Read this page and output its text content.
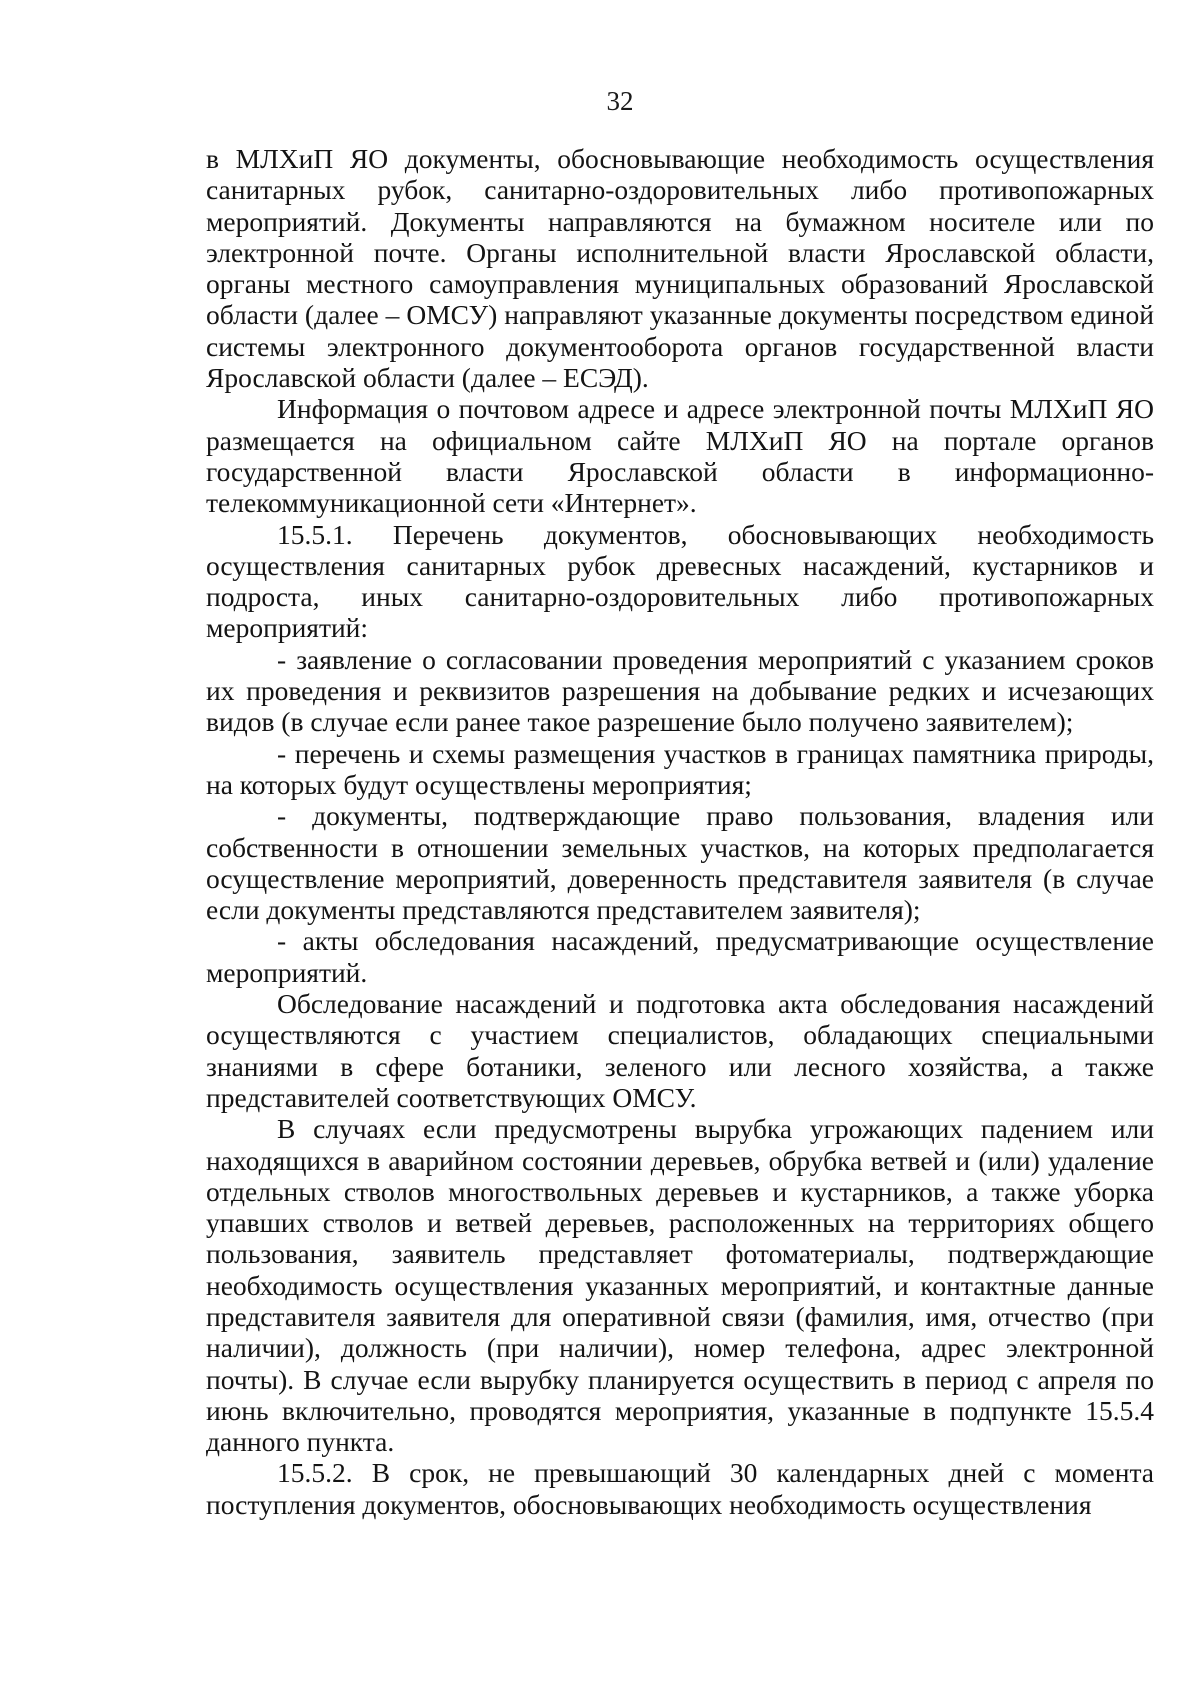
32

в МЛХиП ЯО документы, обосновывающие необходимость осуществления санитарных рубок, санитарно-оздоровительных либо противопожарных мероприятий. Документы направляются на бумажном носителе или по электронной почте. Органы исполнительной власти Ярославской области, органы местного самоуправления муниципальных образований Ярославской области (далее – ОМСУ) направляют указанные документы посредством единой системы электронного документооборота органов государственной власти Ярославской области (далее – ЕСЭД).

Информация о почтовом адресе и адресе электронной почты МЛХиП ЯО размещается на официальном сайте МЛХиП ЯО на портале органов государственной власти Ярославской области в информационно-телекоммуникационной сети «Интернет».

15.5.1. Перечень документов, обосновывающих необходимость осуществления санитарных рубок древесных насаждений, кустарников и подроста, иных санитарно-оздоровительных либо противопожарных мероприятий:

- заявление о согласовании проведения мероприятий с указанием сроков их проведения и реквизитов разрешения на добывание редких и исчезающих видов (в случае если ранее такое разрешение было получено заявителем);

- перечень и схемы размещения участков в границах памятника природы, на которых будут осуществлены мероприятия;

- документы, подтверждающие право пользования, владения или собственности в отношении земельных участков, на которых предполагается осуществление мероприятий, доверенность представителя заявителя (в случае если документы представляются представителем заявителя);

- акты обследования насаждений, предусматривающие осуществление мероприятий.

Обследование насаждений и подготовка акта обследования насаждений осуществляются с участием специалистов, обладающих специальными знаниями в сфере ботаники, зеленого или лесного хозяйства, а также представителей соответствующих ОМСУ.

В случаях если предусмотрены вырубка угрожающих падением или находящихся в аварийном состоянии деревьев, обрубка ветвей и (или) удаление отдельных стволов многоствольных деревьев и кустарников, а также уборка упавших стволов и ветвей деревьев, расположенных на территориях общего пользования, заявитель представляет фотоматериалы, подтверждающие необходимость осуществления указанных мероприятий, и контактные данные представителя заявителя для оперативной связи (фамилия, имя, отчество (при наличии), должность (при наличии), номер телефона, адрес электронной почты). В случае если вырубку планируется осуществить в период с апреля по июнь включительно, проводятся мероприятия, указанные в подпункте 15.5.4 данного пункта.

15.5.2. В срок, не превышающий 30 календарных дней с момента поступления документов, обосновывающих необходимость осуществления
